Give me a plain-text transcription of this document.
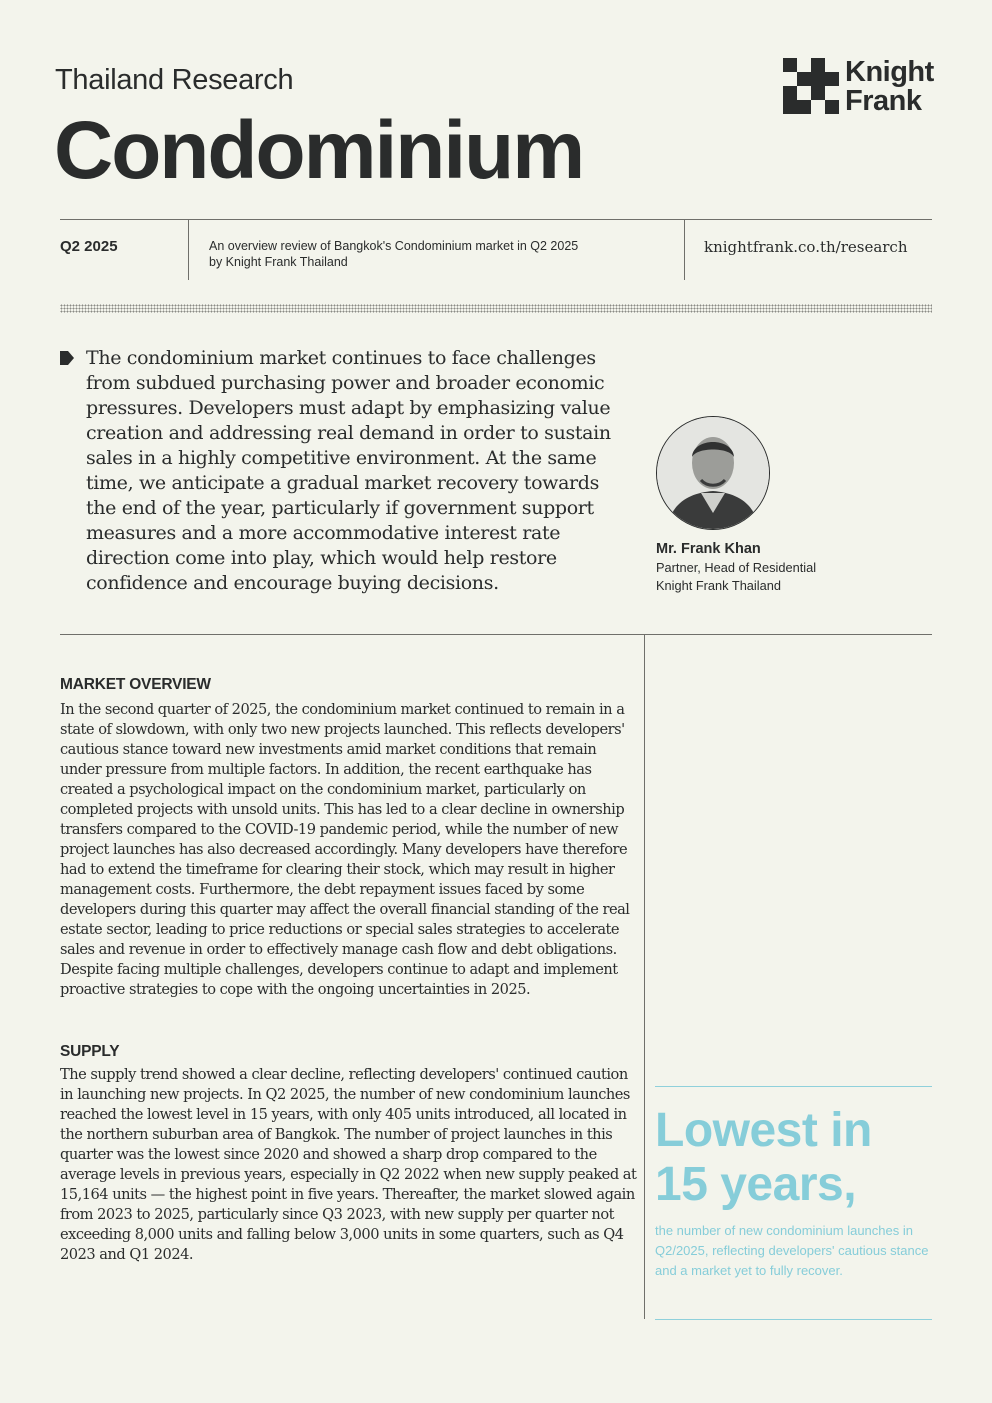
Thailand Research
Condominium
Knight
Frank
Q2 2025	An overview review of Bangkok's Condominium market in Q2 2025
by Knight Frank Thailand
knightfrank.co.th/research
The condominium market continues to face challenges from subdued purchasing power and broader economic pressures. Developers must adapt by emphasizing value creation and addressing real demand in order to sustain sales in a highly competitive environment. At the same time, we anticipate a gradual market recovery towards the end of the year, particularly if government support measures and a more accommodative interest rate direction come into play, which would help restore confidence and encourage buying decisions.
Mr. Frank Khan
Partner, Head of Residential
Knight Frank Thailand
MARKET OVERVIEW
In the second quarter of 2025, the condominium market continued to remain in a state of slowdown, with only two new projects launched. This reflects developers' cautious stance toward new investments amid market conditions that remain under pressure from multiple factors. In addition, the recent earthquake has created a psychological impact on the condominium market, particularly on completed projects with unsold units. This has led to a clear decline in ownership transfers compared to the COVID-19 pandemic period, while the number of new project launches has also decreased accordingly. Many developers have therefore had to extend the timeframe for clearing their stock, which may result in higher management costs. Furthermore, the debt repayment issues faced by some developers during this quarter may affect the overall financial standing of the real estate sector, leading to price reductions or special sales strategies to accelerate sales and revenue in order to effectively manage cash flow and debt obligations. Despite facing multiple challenges, developers continue to adapt and implement proactive strategies to cope with the ongoing uncertainties in 2025.
SUPPLY
The supply trend showed a clear decline, reflecting developers' continued caution in launching new projects. In Q2 2025, the number of new condominium launches reached the lowest level in 15 years, with only 405 units introduced, all located in the northern suburban area of Bangkok. The number of project launches in this quarter was the lowest since 2020 and showed a sharp drop compared to the average levels in previous years, especially in Q2 2022 when new supply peaked at 15,164 units — the highest point in five years. Thereafter, the market slowed again from 2023 to 2025, particularly since Q3 2023, with new supply per quarter not exceeding 8,000 units and falling below 3,000 units in some quarters, such as Q4 2023 and Q1 2024.
Lowest in
15 years,
the number of new condominium launches in Q2/2025, reflecting developers' cautious stance and a market yet to fully recover.
